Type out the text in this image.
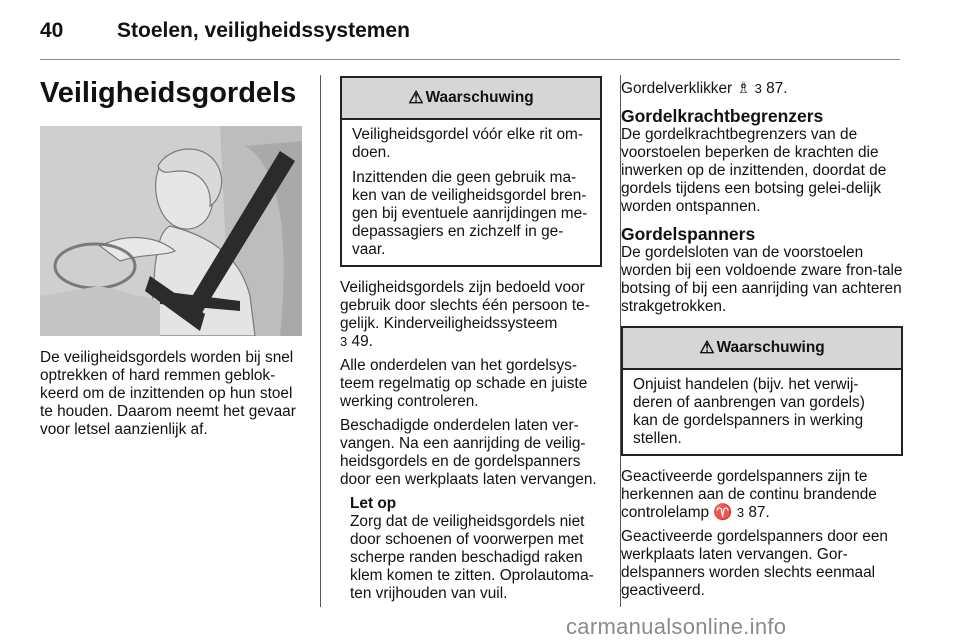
40	Stoelen, veiligheidssystemen
Veiligheidsgordels

De veiligheidsgordels worden bij snel optrekken of hard remmen geblok-keerd om de inzittenden op hun stoel te houden. Daarom neemt het gevaar voor letsel aanzienlijk af.

⚠ Waarschuwing

Veiligheidsgordel vóór elke rit om-doen.

Inzittenden die geen gebruik ma-ken van de veiligheidsgordel bren-gen bij eventuele aanrijdingen me-depassagiers en zichzelf in ge-vaar.

Veiligheidsgordels zijn bedoeld voor gebruik door slechts één persoon te-gelijk. Kinderveiligheidssysteem
3 49.

Alle onderdelen van het gordelsys-teem regelmatig op schade en juiste werking controleren.

Beschadigde onderdelen laten ver-vangen. Na een aanrijding de veilig-heidsgordels en de gordelspanners door een werkplaats laten vervangen.

Let op
Zorg dat de veiligheidsgordels niet door schoenen of voorwerpen met scherpe randen beschadigd raken klem komen te zitten. Oprolautoma-ten vrijhouden van vuil.

Gordelverklikker ♗ 3 87.

Gordelkrachtbegrenzers

De gordelkrachtbegrenzers van de voorstoelen beperken de krachten die inwerken op de inzittenden, doordat de gordels tijdens een botsing gelei-delijk worden ontspannen.

Gordelspanners

De gordelsloten van de voorstoelen worden bij een voldoende zware fron-tale botsing of bij een aanrijding van achteren strakgetrokken.

⚠ Waarschuwing

Onjuist handelen (bijv. het verwij-deren of aanbrengen van gordels) kan de gordelspanners in werking stellen.

Geactiveerde gordelspanners zijn te herkennen aan de continu brandende controlelamp ♈ 3 87.

Geactiveerde gordelspanners door een werkplaats laten vervangen. Gor-delspanners worden slechts eenmaal geactiveerd.

carmanualsonline.info
